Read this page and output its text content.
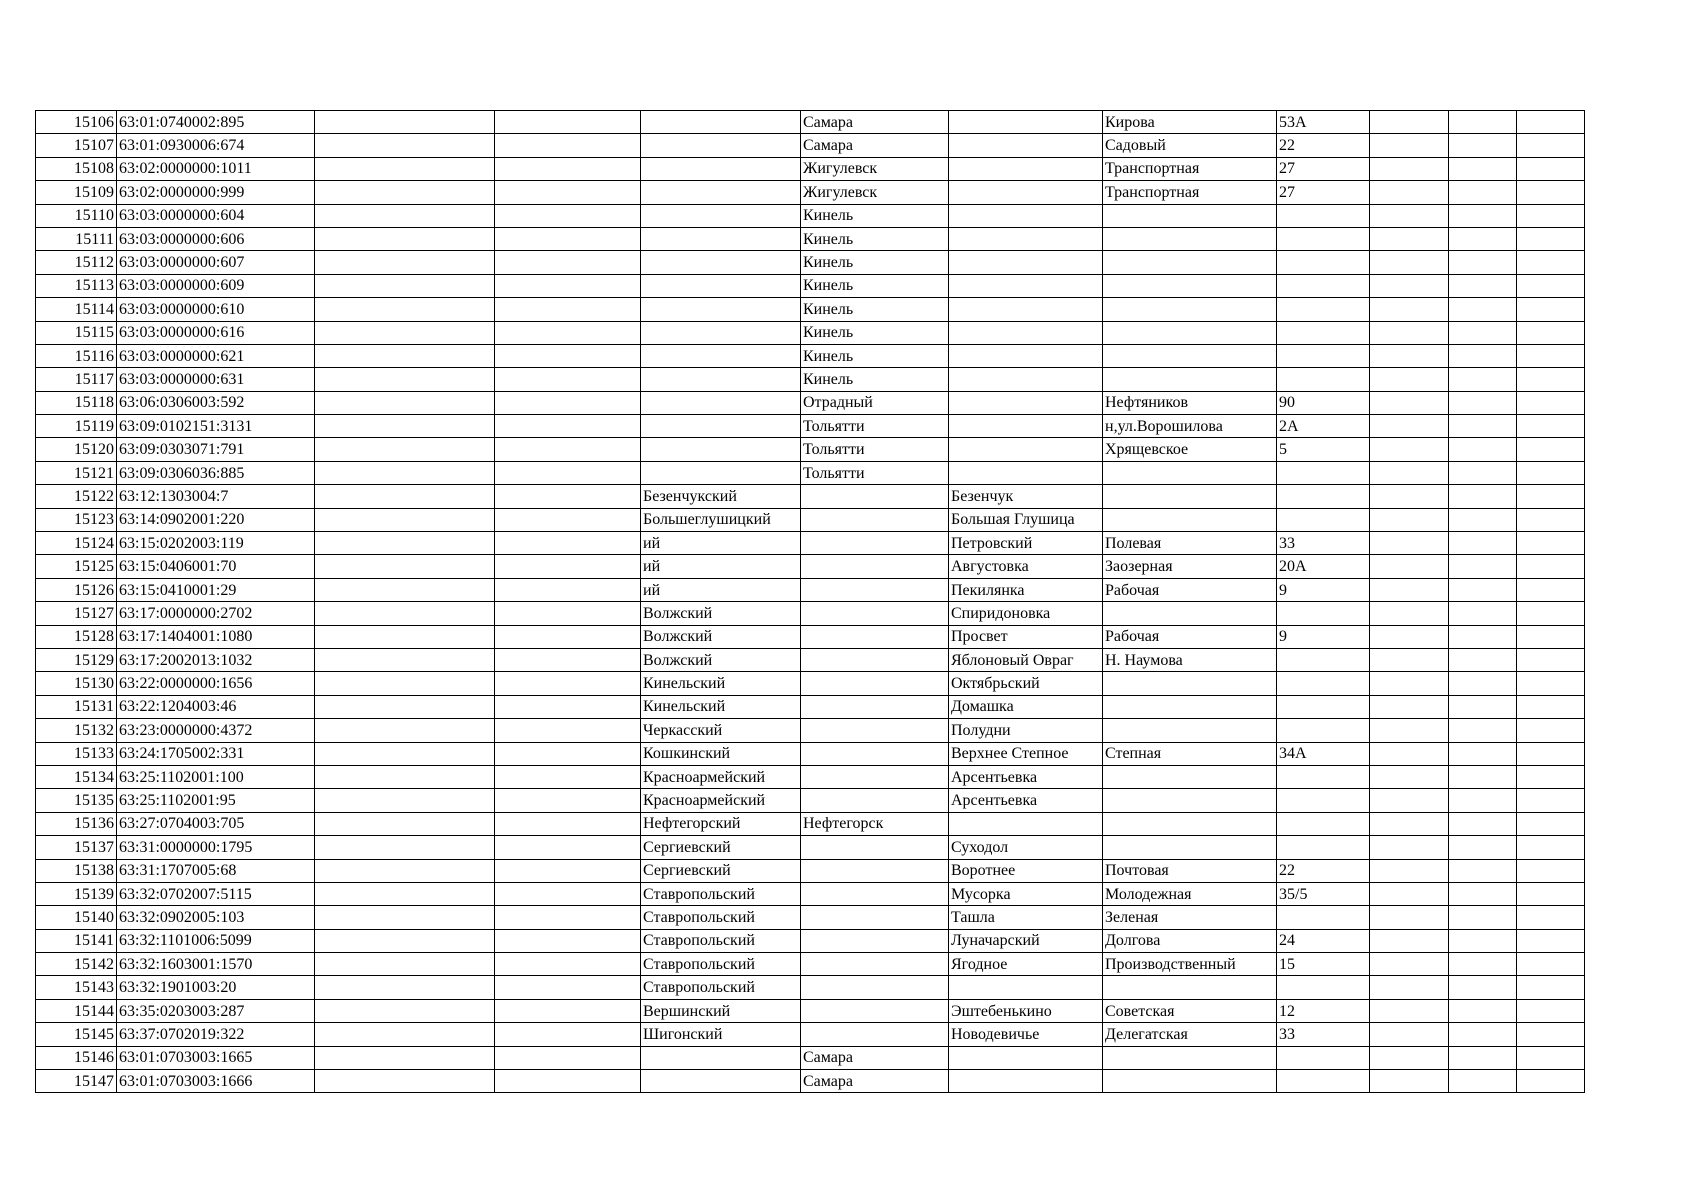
15106	63:01:0740002:895				Самара		Кирова	53А			
15107	63:01:0930006:674				Самара		Садовый	22			
15108	63:02:0000000:1011				Жигулевск		Транспортная	27			
15109	63:02:0000000:999				Жигулевск		Транспортная	27			
15110	63:03:0000000:604				Кинель						
15111	63:03:0000000:606				Кинель						
15112	63:03:0000000:607				Кинель						
15113	63:03:0000000:609				Кинель						
15114	63:03:0000000:610				Кинель						
15115	63:03:0000000:616				Кинель						
15116	63:03:0000000:621				Кинель						
15117	63:03:0000000:631				Кинель						
15118	63:06:0306003:592				Отрадный		Нефтяников	90			
15119	63:09:0102151:3131				Тольятти		н,ул.Ворошилова	2А			
15120	63:09:0303071:791				Тольятти		Хрящевское	5			
15121	63:09:0306036:885				Тольятти						
15122	63:12:1303004:7			Безенчукский		Безенчук					
15123	63:14:0902001:220			Большеглушицкий		Большая Глушица					
15124	63:15:0202003:119			ий		Петровский	Полевая	33			
15125	63:15:0406001:70			ий		Августовка	Заозерная	20А			
15126	63:15:0410001:29			ий		Пекилянка	Рабочая	9			
15127	63:17:0000000:2702			Волжский		Спиридоновка					
15128	63:17:1404001:1080			Волжский		Просвет	Рабочая	9			
15129	63:17:2002013:1032			Волжский		Яблоновый Овраг	Н. Наумова				
15130	63:22:0000000:1656			Кинельский		Октябрьский					
15131	63:22:1204003:46			Кинельский		Домашка					
15132	63:23:0000000:4372			Черкасский		Полудни					
15133	63:24:1705002:331			Кошкинский		Верхнее Степное	Степная	34А			
15134	63:25:1102001:100			Красноармейский		Арсентьевка					
15135	63:25:1102001:95			Красноармейский		Арсентьевка					
15136	63:27:0704003:705			Нефтегорский	Нефтегорск						
15137	63:31:0000000:1795			Сергиевский		Суходол					
15138	63:31:1707005:68			Сергиевский		Воротнее	Почтовая	22			
15139	63:32:0702007:5115			Ставропольский		Мусорка	Молодежная	35/5			
15140	63:32:0902005:103			Ставропольский		Ташла	Зеленая				
15141	63:32:1101006:5099			Ставропольский		Луначарский	Долгова	24			
15142	63:32:1603001:1570			Ставропольский		Ягодное	Производственный	15			
15143	63:32:1901003:20			Ставропольский							
15144	63:35:0203003:287			Вершинский		Эштебенькино	Советская	12			
15145	63:37:0702019:322			Шигонский		Новодевичье	Делегатская	33			
15146	63:01:0703003:1665				Самара						
15147	63:01:0703003:1666				Самара						
